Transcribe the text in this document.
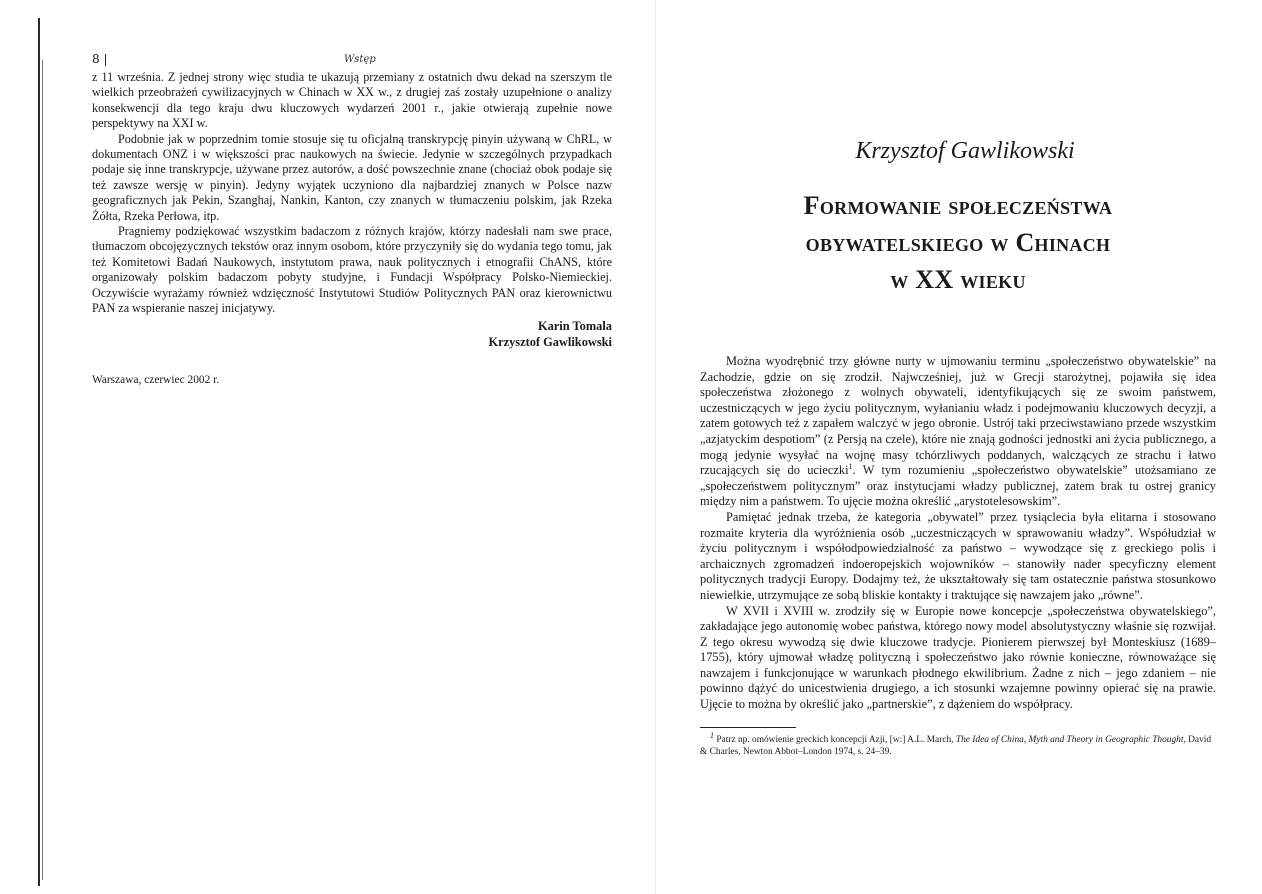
8 |	Wstęp

z 11 września. Z jednej strony więc studia te ukazują przemiany z ostatnich dwu dekad na szerszym tle wielkich przeobrażeń cywilizacyjnych w Chinach w XX w., z drugiej zaś zostały uzupełnione o analizy konsekwencji dla tego kraju dwu kluczowych wydarzeń 2001 r., jakie otwierają zupełnie nowe perspektywy na XXI w.

Podobnie jak w poprzednim tomie stosuje się tu oficjalną transkrypcję pinyin używaną w ChRL, w dokumentach ONZ i w większości prac naukowych na świecie. Jedynie w szczególnych przypadkach podaje się inne transkrypcje, używane przez autorów, a dość powszechnie znane (chociaż obok podaje się też zawsze wersję w pinyin). Jedyny wyjątek uczyniono dla najbardziej znanych w Polsce nazw geograficznych jak Pekin, Szanghaj, Nankin, Kanton, czy znanych w tłumaczeniu polskim, jak Rzeka Żółta, Rzeka Perłowa, itp.

Pragniemy podziękować wszystkim badaczom z różnych krajów, którzy nadesłali nam swe prace, tłumaczom obcojęzycznych tekstów oraz innym osobom, które przyczyniły się do wydania tego tomu, jak też Komitetowi Badań Naukowych, instytutom prawa, nauk politycznych i etnografii ChANS, które organizowały polskim badaczom pobyty studyjne, i Fundacji Współpracy Polsko-Niemieckiej. Oczywiście wyrażamy również wdzięczność Instytutowi Studiów Politycznych PAN oraz kierownictwu PAN za wspieranie naszej inicjatywy.

Karin Tomala
Krzysztof Gawlikowski
Warszawa, czerwiec 2002 r.
Krzysztof Gawlikowski
Formowanie społeczeństwa
obywatelskiego w Chinach
w XX wieku

Można wyodrębnić trzy główne nurty w ujmowaniu terminu „społeczeństwo obywatelskie” na Zachodzie, gdzie on się zrodził. Najwcześniej, już w Grecji starożytnej, pojawiła się idea społeczeństwa złożonego z wolnych obywateli, identyfikujących się ze swoim państwem, uczestniczących w jego życiu politycznym, wyłanianiu władz i podejmowaniu kluczowych decyzji, a zatem gotowych też z zapałem walczyć w jego obronie. Ustrój taki przeciwstawiano przede wszystkim „azjatyckim despotiom” (z Persją na czele), które nie znają godności jednostki ani życia publicznego, a mogą jedynie wysyłać na wojnę masy tchórzliwych poddanych, walczących ze strachu i łatwo rzucających się do ucieczki$^1$. W tym rozumieniu „społeczeństwo obywatelskie” utożsamiano ze „społeczeństwem politycznym” oraz instytucjami władzy publicznej, zatem brak tu ostrej granicy między nim a państwem. To ujęcie można określić „arystotelesowskim”.

Pamiętać jednak trzeba, że kategoria „obywatel” przez tysiąclecia była elitarna i stosowano rozmaite kryteria dla wyróżnienia osób „uczestniczących w sprawowaniu władzy”. Współudział w życiu politycznym i współodpowiedzialność za państwo – wywodzące się z greckiego polis i archaicznych zgromadzeń indoeropejskich wojowników – stanowiły nader specyficzny element politycznych tradycji Europy. Dodajmy też, że ukształtowały się tam ostatecznie państwa stosunkowo niewielkie, utrzymujące ze sobą bliskie kontakty i traktujące się nawzajem jako „równe”.

W XVII i XVIII w. zrodziły się w Europie nowe koncepcje „społeczeństwa obywatelskiego”, zakładające jego autonomię wobec państwa, którego nowy model absolutystyczny właśnie się rozwijał. Z tego okresu wywodzą się dwie kluczowe tradycje. Pionierem pierwszej był Monteskiusz (1689–1755), który ujmował władzę polityczną i społeczeństwo jako równie konieczne, równoważące się nawzajem i funkcjonujące w warunkach płodnego ekwilibrium. Żadne z nich – jego zdaniem – nie powinno dążyć do unicestwienia drugiego, a ich stosunki wzajemne powinny opierać się na prawie. Ujęcie to można by określić jako „partnerskie”, z dążeniem do współpracy.

$^1$ Patrz np. omówienie greckich koncepcji Azji, [w:] A.L. March, The Idea of China, Myth and Theory in Geographic Thought, David & Charles, Newton Abbot–London 1974, s. 24–39.
